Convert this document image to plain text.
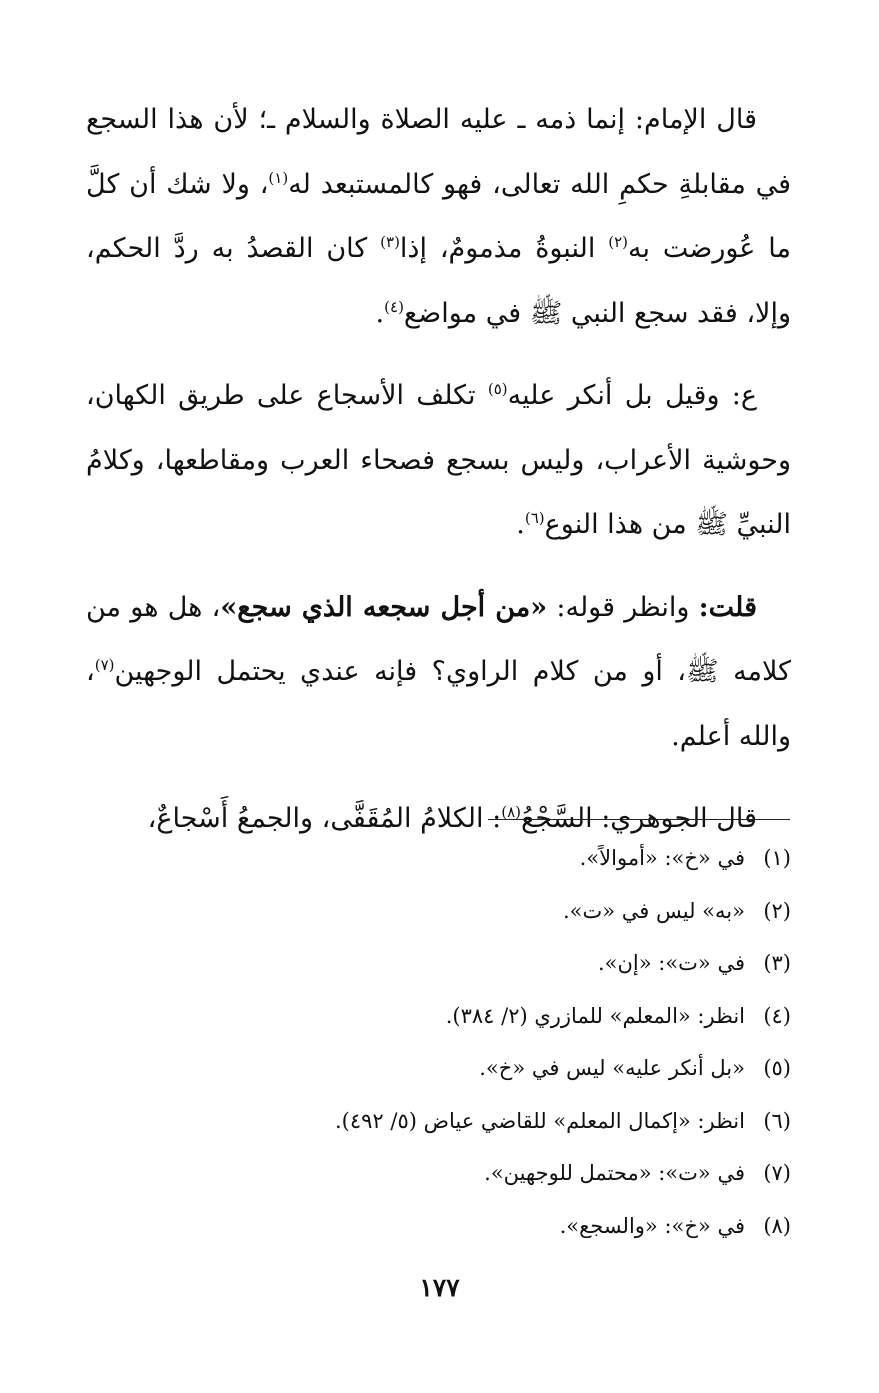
قال الإمام: إنما ذمه ـ عليه الصلاة والسلام ـ؛ لأن هذا السجع في مقابلةِ حكمِ الله تعالى، فهو كالمستبعد له$^{(١)}$، ولا شك أن كلَّ ما عُورضت به$^{(٢)}$ النبوةُ مذمومٌ، إذا$^{(٣)}$ كان القصدُ به ردَّ الحكم، وإلا، فقد سجع النبي ﷺ في مواضع$^{(٤)}$.

ع: وقيل بل أنكر عليه$^{(٥)}$ تكلف الأسجاع على طريق الكهان، وحوشية الأعراب، وليس بسجع فصحاء العرب ومقاطعها، وكلامُ النبيِّ ﷺ من هذا النوع$^{(٦)}$.

قلت: وانظر قوله: «من أجل سجعه الذي سجع»، هل هو من كلامه ﷺ، أو من كلام الراوي؟ فإنه عندي يحتمل الوجهين$^{(٧)}$، والله أعلم.

قال الجوهري: السَّجْعُ$^{(٨)}$: الكلامُ المُقَفَّى، والجمعُ أَسْجاعٌ،

(١)في «خ»: «أموالاً».
(٢)«به» ليس في «ت».
(٣)في «ت»: «إن».
(٤)انظر: «المعلم» للمازري (٢/ ٣٨٤).
(٥)«بل أنكر عليه» ليس في «خ».
(٦)انظر: «إكمال المعلم» للقاضي عياض (٥/ ٤٩٢).
(٧)في «ت»: «محتمل للوجهين».
(٨)في «خ»: «والسجع».
١٧٧
